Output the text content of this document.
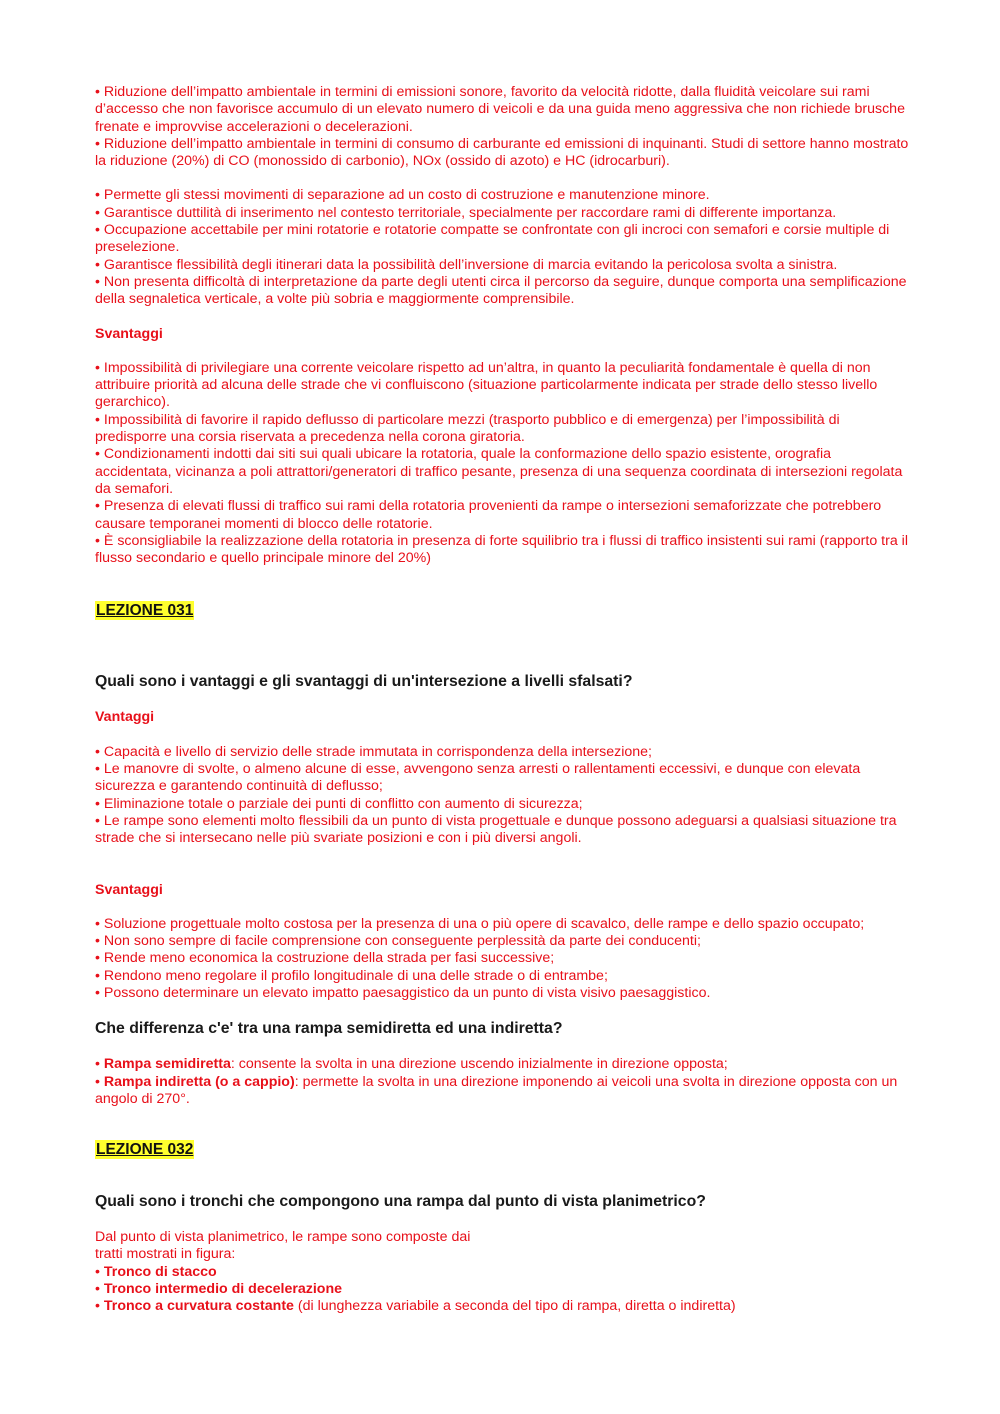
• Riduzione dell’impatto ambientale in termini di emissioni sonore, favorito da velocità ridotte, dalla fluidità veicolare sui rami d’accesso che non favorisce accumulo di un elevato numero di veicoli e da una guida meno aggressiva che non richiede brusche

frenate e improvvise accelerazioni o decelerazioni.

• Riduzione dell’impatto ambientale in termini di consumo di carburante ed emissioni di inquinanti. Studi di settore hanno mostrato la riduzione (20%) di CO (monossido di carbonio), NOx (ossido di azoto) e HC (idrocarburi).

• Permette gli stessi movimenti di separazione ad un costo di costruzione e manutenzione minore.

• Garantisce duttilità di inserimento nel contesto territoriale, specialmente per raccordare rami di differente importanza.

• Occupazione accettabile per mini rotatorie e rotatorie compatte se confrontate con gli incroci con semafori e corsie multiple di preselezione.

• Garantisce flessibilità degli itinerari data la possibilità dell’inversione di marcia evitando la pericolosa svolta a sinistra.

• Non presenta difficoltà di interpretazione da parte degli utenti circa il percorso da seguire, dunque comporta una semplificazione della segnaletica verticale, a volte più sobria e maggiormente comprensibile.

Svantaggi

• Impossibilità di privilegiare una corrente veicolare rispetto ad un’altra, in quanto la peculiarità fondamentale è quella di non attribuire priorità ad alcuna delle strade che vi confluiscono (situazione particolarmente indicata per strade dello stesso livello gerarchico).

• Impossibilità di favorire il rapido deflusso di particolare mezzi (trasporto pubblico e di emergenza) per l’impossibilità di predisporre una corsia riservata a precedenza nella corona giratoria.

• Condizionamenti indotti dai siti sui quali ubicare la rotatoria, quale la conformazione dello spazio esistente, orografia accidentata, vicinanza a poli attrattori/generatori di traffico pesante, presenza di una sequenza coordinata di intersezioni regolata da semafori.

• Presenza di elevati flussi di traffico sui rami della rotatoria provenienti da rampe o intersezioni semaforizzate che potrebbero causare temporanei momenti di blocco delle rotatorie.

• È sconsigliabile la realizzazione della rotatoria in presenza di forte squilibrio tra i flussi di traffico insistenti sui rami (rapporto tra il flusso secondario e quello principale minore del 20%)

LEZIONE 031

Quali sono i vantaggi e gli svantaggi di un'intersezione a livelli sfalsati?

Vantaggi

• Capacità e livello di servizio delle strade immutata in corrispondenza della intersezione;

• Le manovre di svolte, o almeno alcune di esse, avvengono senza arresti o rallentamenti eccessivi, e dunque con elevata sicurezza e garantendo continuità di deflusso;

• Eliminazione totale o parziale dei punti di conflitto con aumento di sicurezza;

• Le rampe sono elementi molto flessibili da un punto di vista progettuale e dunque possono adeguarsi a qualsiasi situazione tra strade che si intersecano nelle più svariate posizioni e con i più diversi angoli.

Svantaggi

• Soluzione progettuale molto costosa per la presenza di una o più opere di scavalco, delle rampe e dello spazio occupato;

• Non sono sempre di facile comprensione con conseguente perplessità da parte dei conducenti;

• Rende meno economica la costruzione della strada per fasi successive;

• Rendono meno regolare il profilo longitudinale di una delle strade o di entrambe;

• Possono determinare un elevato impatto paesaggistico da un punto di vista visivo paesaggistico.

Che differenza c'e' tra una rampa semidiretta ed una indiretta?

• Rampa semidiretta: consente la svolta in una direzione uscendo inizialmente in direzione opposta;

• Rampa indiretta (o a cappio): permette la svolta in una direzione imponendo ai veicoli una svolta in direzione opposta con un angolo di 270°.

LEZIONE 032

Quali sono i tronchi che compongono una rampa dal punto di vista planimetrico?

Dal punto di vista planimetrico, le rampe sono composte dai

tratti mostrati in figura:

• Tronco di stacco

• Tronco intermedio di decelerazione

• Tronco a curvatura costante (di lunghezza variabile a seconda del tipo di rampa, diretta o indiretta)
